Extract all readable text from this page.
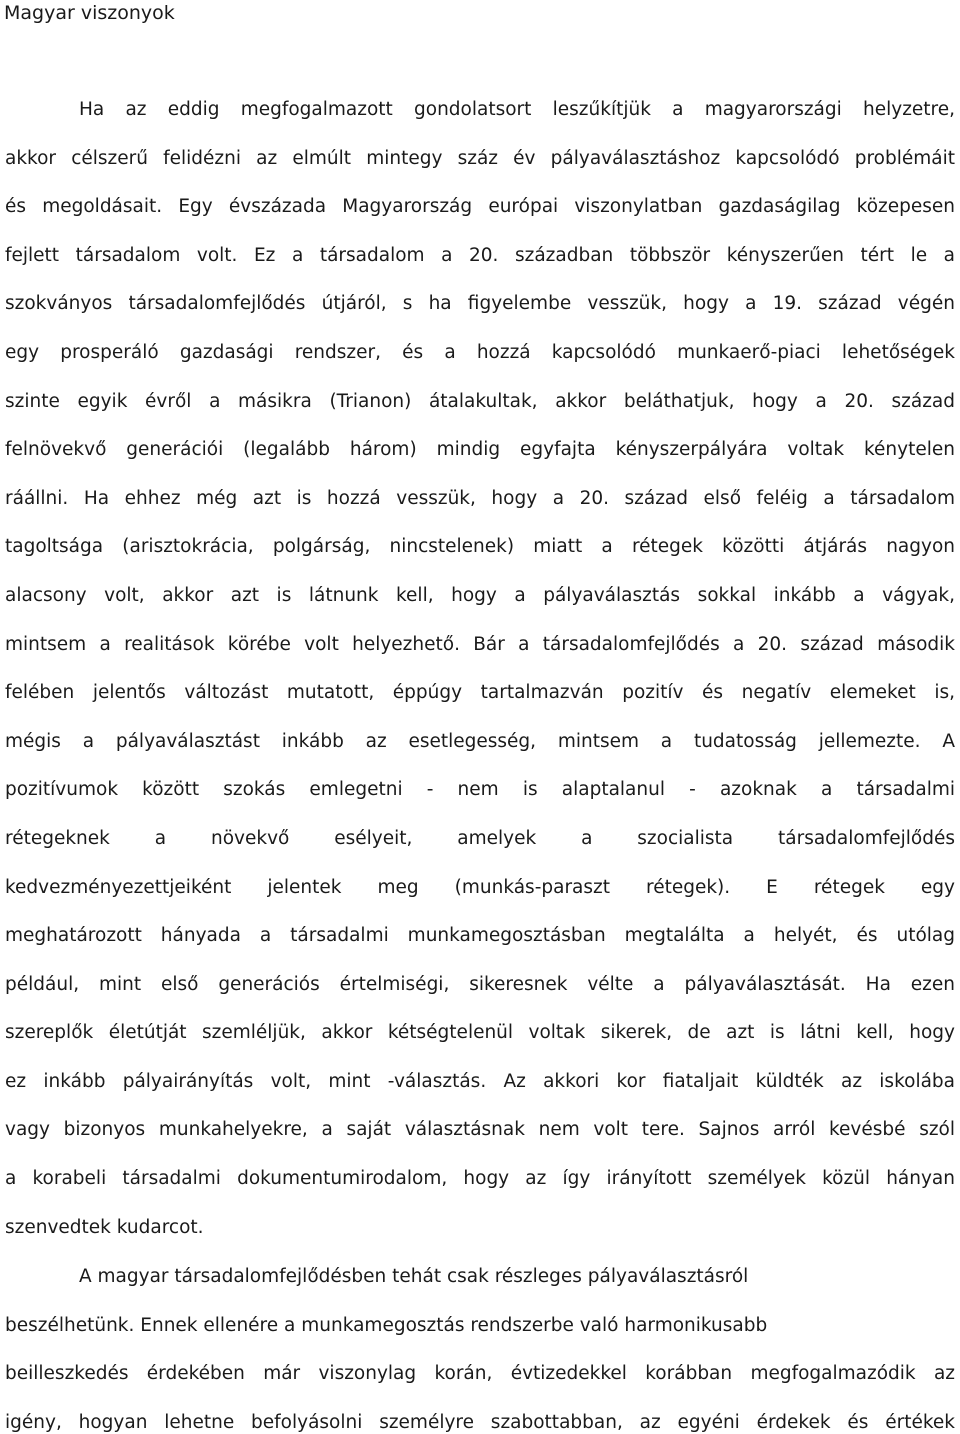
Magyar viszonyok
Ha az eddig megfogalmazott gondolatsort leszűkítjük a magyarországi helyzetre,
akkor célszerű felidézni az elmúlt mintegy száz év pályaválasztáshoz kapcsolódó problémáit
és megoldásait. Egy évszázada Magyarország európai viszonylatban gazdaságilag közepesen
fejlett társadalom volt. Ez a társadalom a 20. században többször kényszerűen tért le a
szokványos társadalomfejlődés útjáról, s ha figyelembe vesszük, hogy a 19. század végén
egy prosperáló gazdasági rendszer, és a hozzá kapcsolódó munkaerő-piaci lehetőségek
szinte egyik évről a másikra (Trianon) átalakultak, akkor beláthatjuk, hogy a 20. század
felnövekvő generációi (legalább három) mindig egyfajta kényszerpályára voltak kénytelen
ráállni. Ha ehhez még azt is hozzá vesszük, hogy a 20. század első feléig a társadalom
tagoltsága (arisztokrácia, polgárság, nincstelenek) miatt a rétegek közötti átjárás nagyon
alacsony volt, akkor azt is látnunk kell, hogy a pályaválasztás sokkal inkább a vágyak,
mintsem a realitások körébe volt helyezhető. Bár a társadalomfejlődés a 20. század második
felében jelentős változást mutatott, éppúgy tartalmazván pozitív és negatív elemeket is,
mégis a pályaválasztást inkább az esetlegesség, mintsem a tudatosság jellemezte. A
pozitívumok között szokás emlegetni - nem is alaptalanul - azoknak a társadalmi
rétegeknek a növekvő esélyeit, amelyek a szocialista társadalomfejlődés
kedvezményezettjeiként jelentek meg (munkás-paraszt rétegek). E rétegek egy
meghatározott hányada a társadalmi munkamegosztásban megtalálta a helyét, és utólag
például, mint első generációs értelmiségi, sikeresnek vélte a pályaválasztását. Ha ezen
szereplők életútját szemléljük, akkor kétségtelenül voltak sikerek, de azt is látni kell, hogy
ez inkább pályairányítás volt, mint -választás. Az akkori kor fiataljait küldték az iskolába
vagy bizonyos munkahelyekre, a saját választásnak nem volt tere. Sajnos arról kevésbé szól
a korabeli társadalmi dokumentumirodalom, hogy az így irányított személyek közül hányan
szenvedtek kudarcot.
A magyar társadalomfejlődésben tehát csak részleges pályaválasztásról
beszélhetünk. Ennek ellenére a munkamegosztás rendszerbe való harmonikusabb
beilleszkedés érdekében már viszonylag korán, évtizedekkel korábban megfogalmazódik az
igény, hogyan lehetne befolyásolni személyre szabottabban, az egyéni érdekek és értékek
